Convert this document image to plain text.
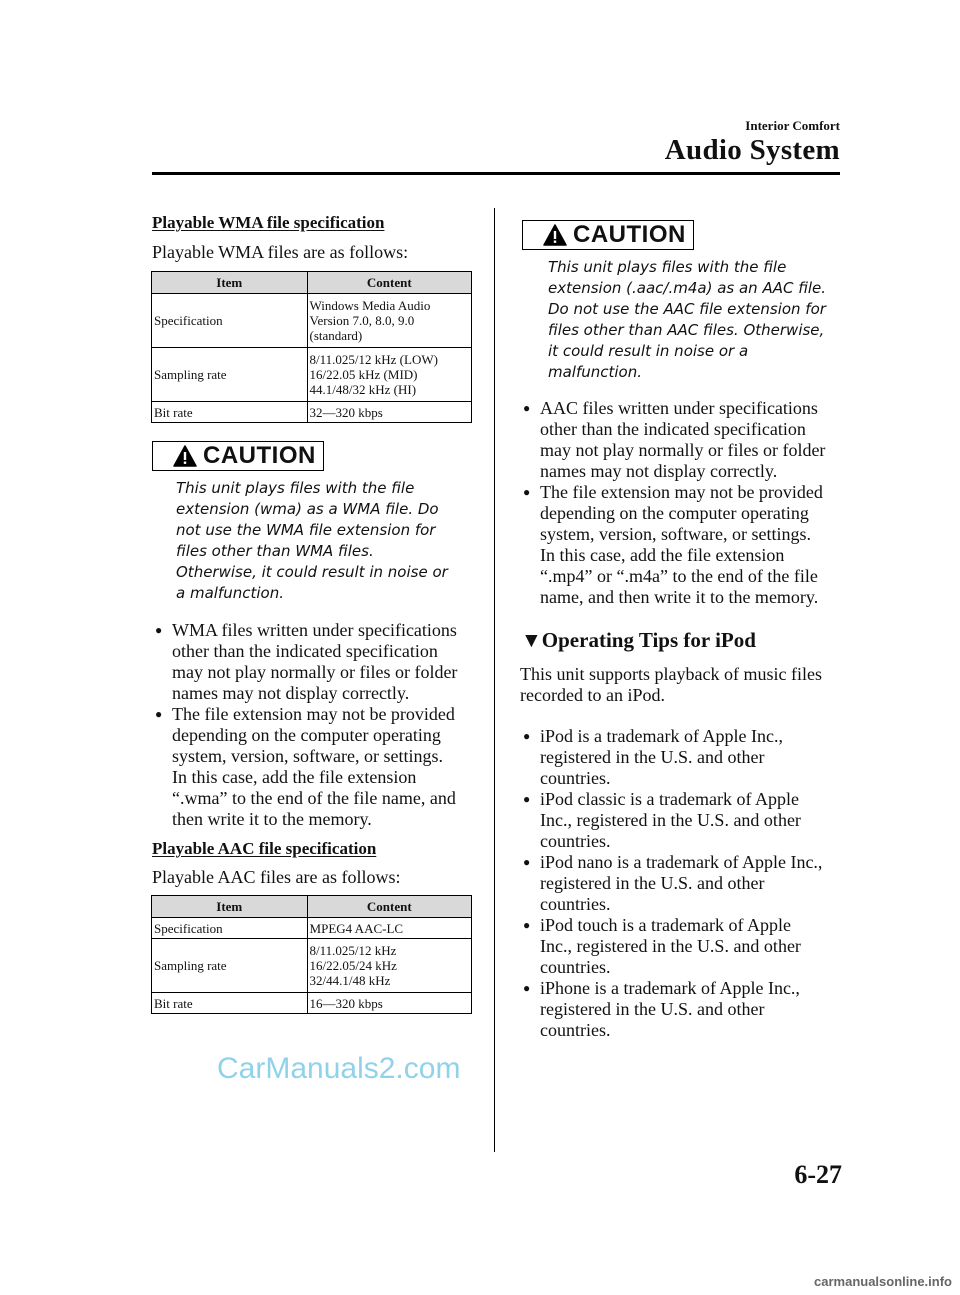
Interior Comfort
Audio System
Playable WMA file specification
Playable WMA files are as follows:
Item	Content
Specification	Windows Media Audio
Version 7.0, 8.0, 9.0
(standard)

Sampling rate	8/11.025/12 kHz (LOW)
16/22.05 kHz (MID)
44.1/48/32 kHz (HI)

Bit rate	32―320 kbps
CAUTION
This unit plays files with the file
extension (wma) as a WMA file. Do
not use the WMA file extension for
files other than WMA files.
Otherwise, it could result in noise or
a malfunction.
● WMA files written under specifications
other than the indicated specification
may not play normally or files or folder
names may not display correctly.
● The file extension may not be provided
depending on the computer operating
system, version, software, or settings.
In this case, add the file extension
“.wma” to the end of the file name, and
then write it to the memory.
Playable AAC file specification
Playable AAC files are as follows:
Item	Content
Specification	MPEG4 AAC-LC
Sampling rate	8/11.025/12 kHz
16/22.05/24 kHz
32/44.1/48 kHz

Bit rate	16―320 kbps
CAUTION
This unit plays files with the file
extension (.aac/.m4a) as an AAC file.
Do not use the AAC file extension for
files other than AAC files. Otherwise,
it could result in noise or a
malfunction.
● AAC files written under specifications
other than the indicated specification
may not play normally or files or folder
names may not display correctly.
● The file extension may not be provided
depending on the computer operating
system, version, software, or settings.
In this case, add the file extension
“.mp4” or “.m4a” to the end of the file
name, and then write it to the memory.
▼Operating Tips for iPod
This unit supports playback of music files
recorded to an iPod.
● iPod is a trademark of Apple Inc.,
registered in the U.S. and other
countries.
● iPod classic is a trademark of Apple
Inc., registered in the U.S. and other
countries.
● iPod nano is a trademark of Apple Inc.,
registered in the U.S. and other
countries.
● iPod touch is a trademark of Apple
Inc., registered in the U.S. and other
countries.
● iPhone is a trademark of Apple Inc.,
registered in the U.S. and other
countries.
CarManuals2.com
6-27
carmanualsonline.info
